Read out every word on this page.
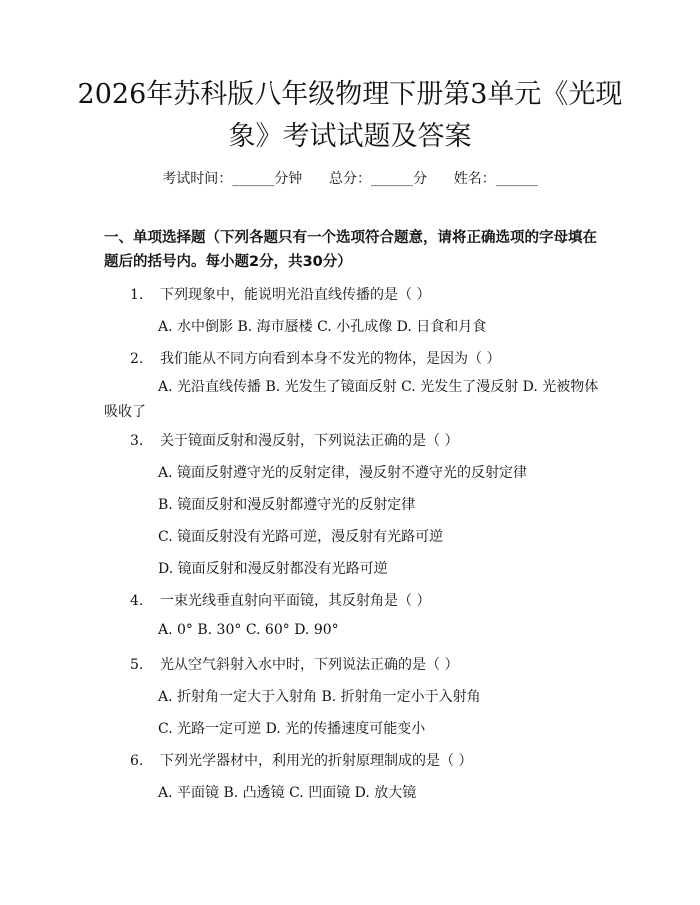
2026年苏科版八年级物理下册第3单元《光现象》考试试题及答案
考试时间：______分钟 总分：______分 姓名：______
一、单项选择题（下列各题只有一个选项符合题意，请将正确选项的字母填在题后的括号内。每小题2分，共30分）
1. 下列现象中，能说明光沿直线传播的是（ ）
A. 水中倒影 B. 海市蜃楼 C. 小孔成像 D. 日食和月食
2. 我们能从不同方向看到本身不发光的物体，是因为（ ）
A. 光沿直线传播 B. 光发生了镜面反射 C. 光发生了漫反射 D. 光被物体吸收了
3. 关于镜面反射和漫反射，下列说法正确的是（ ）
A. 镜面反射遵守光的反射定律，漫反射不遵守光的反射定律
B. 镜面反射和漫反射都遵守光的反射定律
C. 镜面反射没有光路可逆，漫反射有光路可逆
D. 镜面反射和漫反射都没有光路可逆
4. 一束光线垂直射向平面镜，其反射角是（ ）
A. 0° B. 30° C. 60° D. 90°
5. 光从空气斜射入水中时，下列说法正确的是（ ）
A. 折射角一定大于入射角 B. 折射角一定小于入射角
C. 光路一定可逆 D. 光的传播速度可能变小
6. 下列光学器材中，利用光的折射原理制成的是（ ）
A. 平面镜 B. 凸透镜 C. 凹面镜 D. 放大镜
